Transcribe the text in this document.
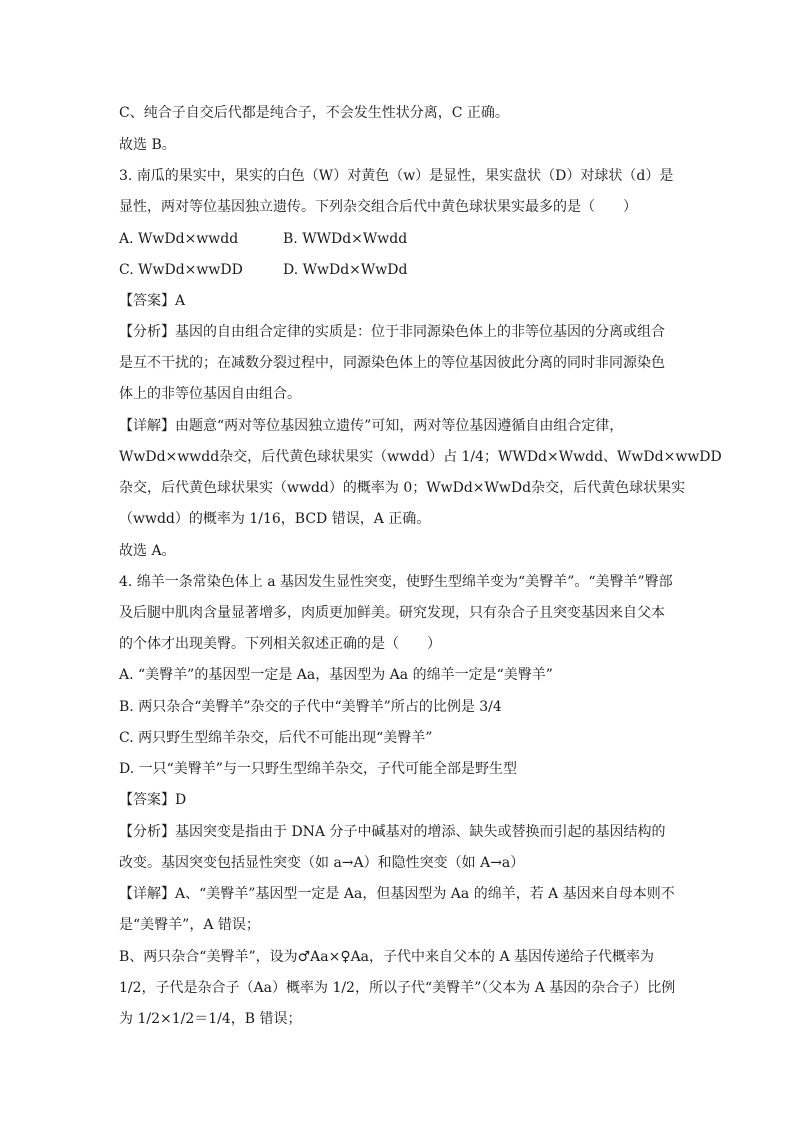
C、纯合子自交后代都是纯合子，不会发生性状分离，C 正确。
故选 B。
3. 南瓜的果实中，果实的白色（W）对黄色（w）是显性，果实盘状（D）对球状（d）是
显性，两对等位基因独立遗传。下列杂交组合后代中黄色球状果实最多的是（　　）
A. WwDd×wwdd	B. WWDd×Wwdd
C. WwDd×wwDD	D. WwDd×WwDd
【答案】A
【分析】基因的自由组合定律的实质是：位于非同源染色体上的非等位基因的分离或组合
是互不干扰的；在减数分裂过程中，同源染色体上的等位基因彼此分离的同时非同源染色
体上的非等位基因自由组合。
【详解】由题意“两对等位基因独立遗传”可知，两对等位基因遵循自由组合定律，
WwDd×wwdd杂交，后代黄色球状果实（wwdd）占 1/4；WWDd×Wwdd、WwDd×wwDD
杂交，后代黄色球状果实（wwdd）的概率为 0；WwDd×WwDd杂交，后代黄色球状果实
（wwdd）的概率为 1/16，BCD 错误，A 正确。
故选 A。
4. 绵羊一条常染色体上 a 基因发生显性突变，使野生型绵羊变为“美臀羊”。“美臀羊”臀部
及后腿中肌肉含量显著增多，肉质更加鲜美。研究发现，只有杂合子且突变基因来自父本
的个体才出现美臀。下列相关叙述正确的是（　　）
A. “美臀羊”的基因型一定是 Aa，基因型为 Aa 的绵羊一定是“美臀羊”
B. 两只杂合“美臀羊”杂交的子代中“美臀羊”所占的比例是 3/4
C. 两只野生型绵羊杂交，后代不可能出现“美臀羊”
D. 一只“美臀羊”与一只野生型绵羊杂交，子代可能全部是野生型
【答案】D
【分析】基因突变是指由于 DNA 分子中碱基对的增添、缺失或替换而引起的基因结构的
改变。基因突变包括显性突变（如 a→A）和隐性突变（如 A→a）
【详解】A、“美臀羊”基因型一定是 Aa，但基因型为 Aa 的绵羊，若 A 基因来自母本则不
是“美臀羊”，A 错误；
B、两只杂合“美臀羊”，设为♂Aa×♀Aa，子代中来自父本的 A 基因传递给子代概率为
1/2，子代是杂合子（Aa）概率为 1/2，所以子代“美臀羊”（父本为 A 基因的杂合子）比例
为 1/2×1/2＝1/4，B 错误；
